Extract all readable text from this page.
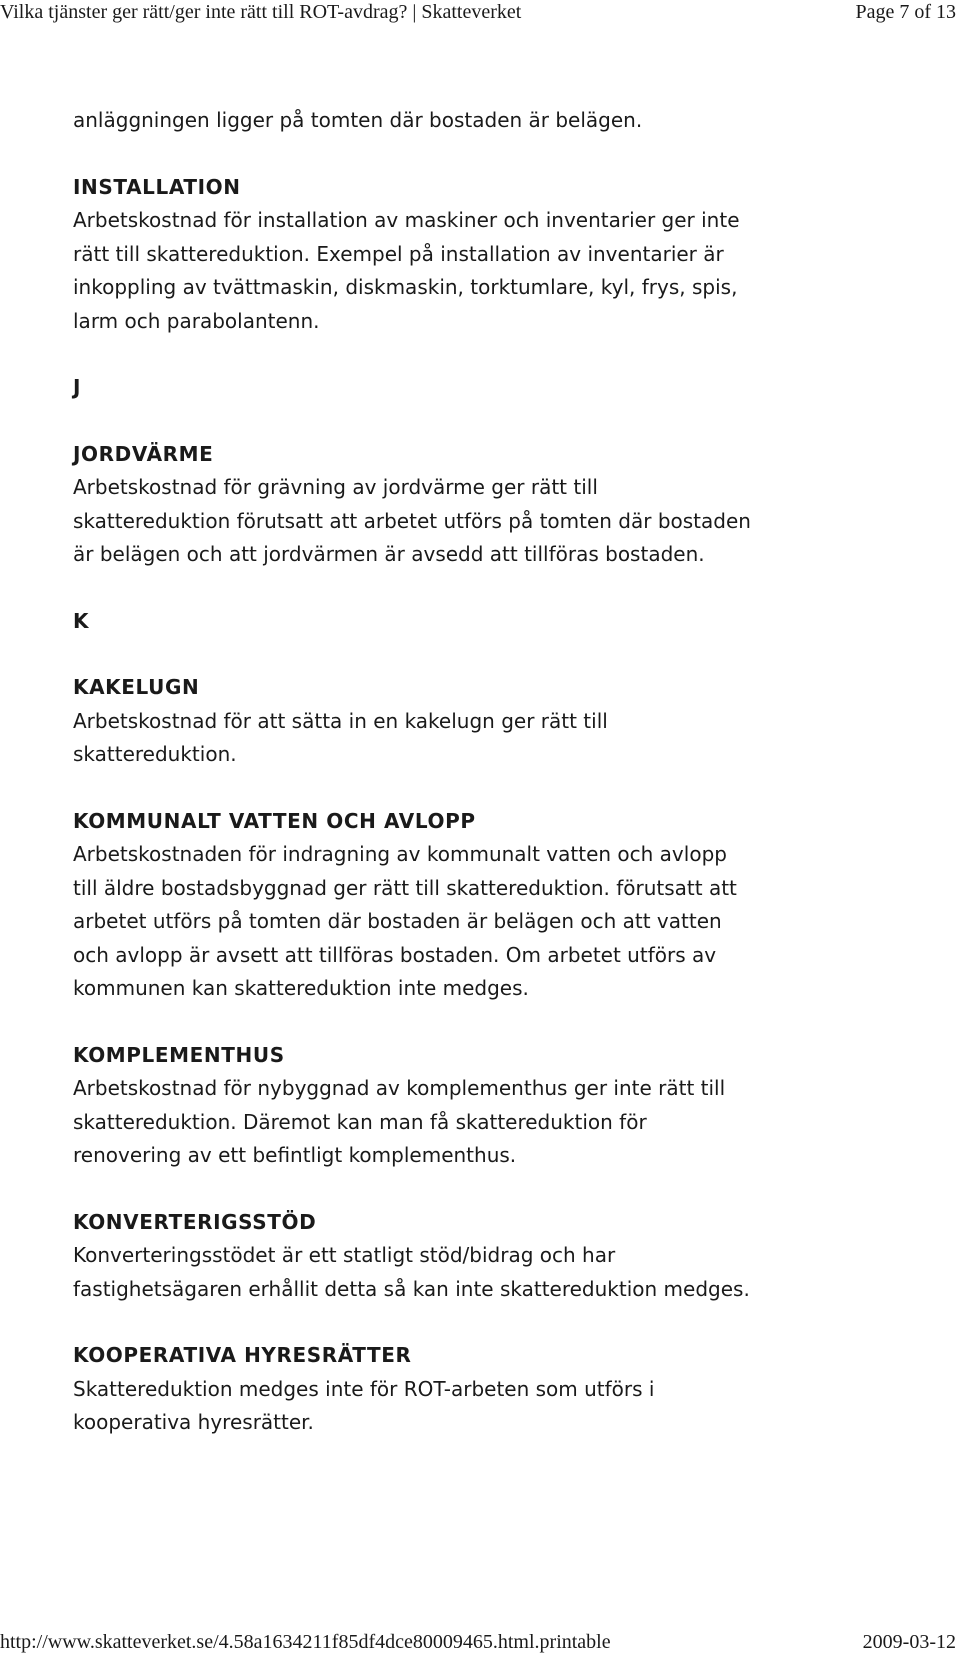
Vilka tjänster ger rätt/ger inte rätt till ROT-avdrag? | Skatteverket	Page 7 of 13

anläggningen ligger på tomten där bostaden är belägen.

INSTALLATION

Arbetskostnad för installation av maskiner och inventarier ger inte

rätt till skattereduktion. Exempel på installation av inventarier är

inkoppling av tvättmaskin, diskmaskin, torktumlare, kyl, frys, spis,

larm och parabolantenn.

J

JORDVÄRME

Arbetskostnad för grävning av jordvärme ger rätt till

skattereduktion förutsatt att arbetet utförs på tomten där bostaden

är belägen och att jordvärmen är avsedd att tillföras bostaden.

K

KAKELUGN

Arbetskostnad för att sätta in en kakelugn ger rätt till

skattereduktion.

KOMMUNALT VATTEN OCH AVLOPP

Arbetskostnaden för indragning av kommunalt vatten och avlopp

till äldre bostadsbyggnad ger rätt till skattereduktion. förutsatt att

arbetet utförs på tomten där bostaden är belägen och att vatten

och avlopp är avsett att tillföras bostaden. Om arbetet utförs av

kommunen kan skattereduktion inte medges.

KOMPLEMENTHUS

Arbetskostnad för nybyggnad av komplementhus ger inte rätt till

skattereduktion. Däremot kan man få skattereduktion för

renovering av ett befintligt komplementhus.

KONVERTERIGSSTÖD

Konverteringsstödet är ett statligt stöd/bidrag och har

fastighetsägaren erhållit detta så kan inte skattereduktion medges.

KOOPERATIVA HYRESRÄTTER

Skattereduktion medges inte för ROT-arbeten som utförs i

kooperativa hyresrätter.

http://www.skatteverket.se/4.58a1634211f85df4dce80009465.html.printable	2009-03-12
